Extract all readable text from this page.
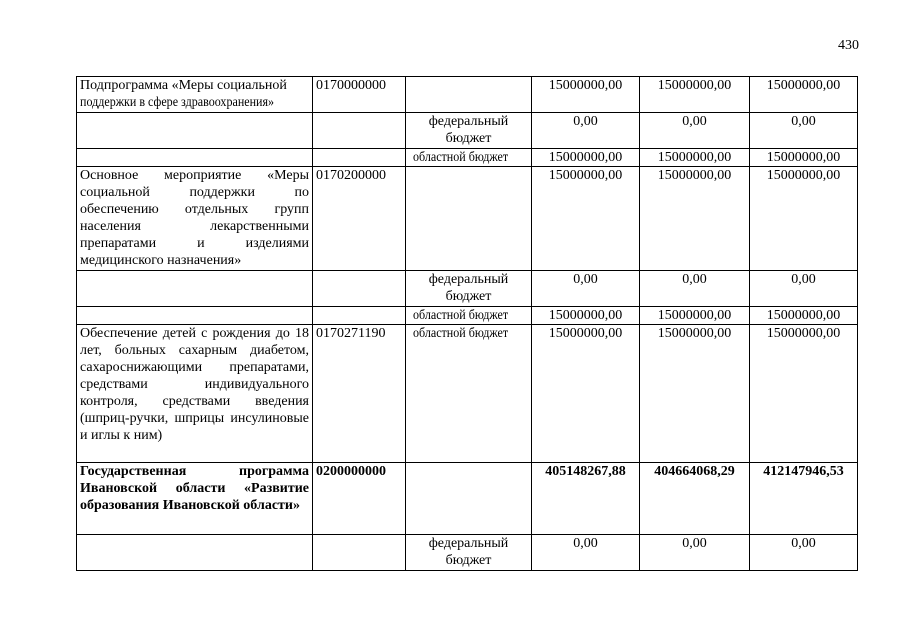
430
Подпрограмма «Меры социальной
поддержки в сфере здравоохранения»	0170000000		15000000,00	15000000,00	15000000,00
		федеральный бюджет	0,00	0,00	0,00
		областной бюджет	15000000,00	15000000,00	15000000,00
Основное мероприятие «Меры социальной поддержки по обеспечению отдельных групп населения лекарственными препаратами и изделиями медицинского назначения»	0170200000		15000000,00	15000000,00	15000000,00
		федеральный бюджет	0,00	0,00	0,00
		областной бюджет	15000000,00	15000000,00	15000000,00
Обеспечение детей с рождения до 18 лет, больных сахарным диабетом, сахароснижающими препаратами, средствами индивидуального контроля, средствами введения (шприц-ручки, шприцы инсулиновые и иглы к ним)	0170271190	областной бюджет	15000000,00	15000000,00	15000000,00
Государственная программа Ивановской области «Развитие образования Ивановской области»	0200000000		405148267,88	404664068,29	412147946,53
		федеральный бюджет	0,00	0,00	0,00
